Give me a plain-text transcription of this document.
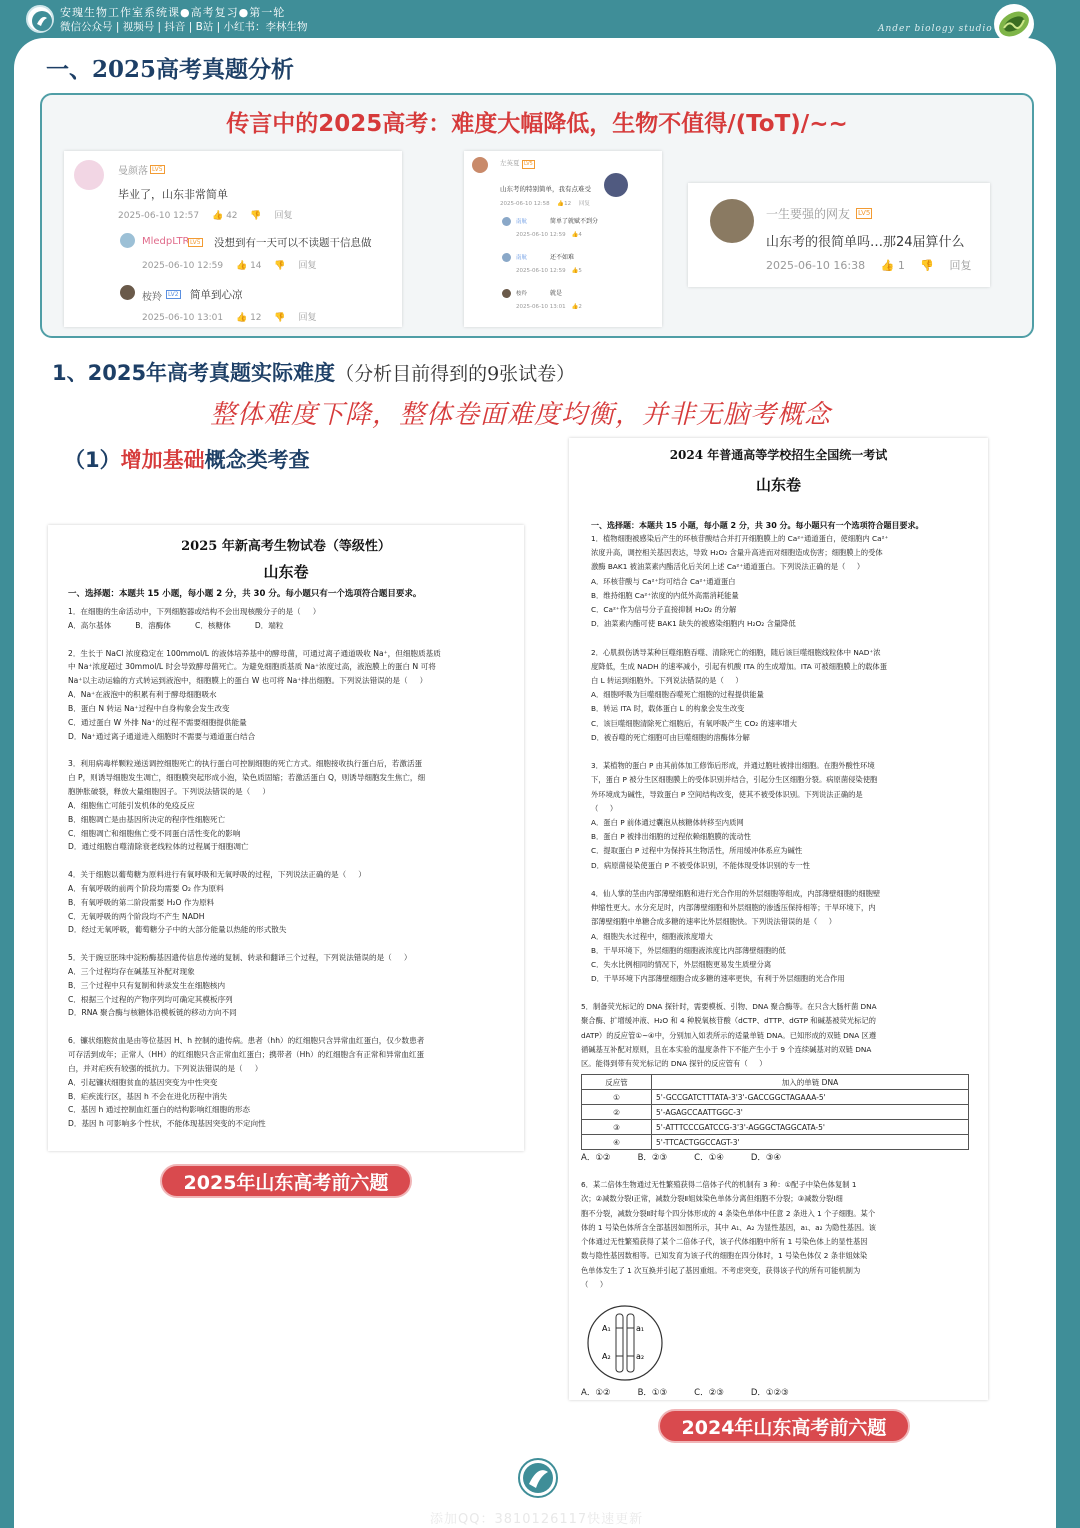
安瑰生物工作室系统课●高考复习●第一轮
微信公众号 | 视频号 | 抖音 | B站 | 小红书：李林生物	Ander biology studio
一、2025高考真题分析
传言中的2025高考：难度大幅降低，生物不值得/(ToT)/~~
曼颜落 LV5
毕业了，山东非常简单
2025-06-10 12:57 👍 42 👎 回复
MledpLTR LV5 没想到有一天可以不读题干信息做
2025-06-10 12:59 👍 14 👎 回复
桉羚	LV2 简单到心凉
2025-06-10 13:01 👍 12 👎 回复
左英夏 LV5
山东考的特别简单，我有点难受
2025-06-10 12:58 👍12 回复
南航	简单了就赋不到分
2025-06-10 12:59 👍4
南航	还不如难
2025-06-10 12:59 👍5
桉羚	就是
2025-06-10 13:01 👍2
一生要强的网友 LV5
山东考的很简单吗…那24届算什么
2025-06-10 16:38 👍 1 👎 回复
1、2025年高考真题实际难度（分析目前得到的9张试卷）
整体难度下降，整体卷面难度均衡，并非无脑考概念
（1）增加基础概念类考查
2025 年新高考生物试卷（等级性）
山东卷
一、选择题：本题共 15 小题，每小题 2 分，共 30 分。每小题只有一个选项符合题目要求。
1．在细胞的生命活动中，下列细胞器或结构不会出现核酸分子的是（     ）
A．高尔基体          B．溶酶体          C．核糖体          D．端粒

2．生长于 NaCl 浓度稳定在 100mmol/L 的液体培养基中的酵母菌，可通过离子通道吸收 Na⁺，但细胞质基质
中 Na⁺浓度超过 30mmol/L 时会导致酵母菌死亡。为避免细胞质基质 Na⁺浓度过高，液泡膜上的蛋白 N 可将
Na⁺以主动运输的方式转运到液泡中，细胞膜上的蛋白 W 也可将 Na⁺排出细胞。下列说法错误的是（     ）
A．Na⁺在液泡中的积累有利于酵母细胞吸水
B．蛋白 N 转运 Na⁺过程中自身构象会发生改变
C．通过蛋白 W 外排 Na⁺的过程不需要细胞提供能量
D．Na⁺通过离子通道进入细胞时不需要与通道蛋白结合

3．利用病毒样颗粒递送调控细胞死亡的执行蛋白可控制细胞的死亡方式。细胞接收执行蛋白后，若激活蛋
白 P，则诱导细胞发生凋亡，细胞膜突起形成小泡，染色质固缩；若激活蛋白 Q，则诱导细胞发生焦亡，细
胞肿胀破裂，释放大量细胞因子。下列说法错误的是（     ）
A．细胞焦亡可能引发机体的免疫反应
B．细胞凋亡是由基因所决定的程序性细胞死亡
C．细胞凋亡和细胞焦亡受不同蛋白活性变化的影响
D．通过细胞自噬清除衰老线粒体的过程属于细胞凋亡

4．关于细胞以葡萄糖为原料进行有氧呼吸和无氧呼吸的过程，下列说法正确的是（     ）
A．有氧呼吸的前两个阶段均需要 O₂ 作为原料
B．有氧呼吸的第二阶段需要 H₂O 作为原料
C．无氧呼吸的两个阶段均不产生 NADH
D．经过无氧呼吸，葡萄糖分子中的大部分能量以热能的形式散失

5．关于豌豆胚珠中淀粉酶基因遗传信息传递的复制、转录和翻译三个过程，下列说法错误的是（     ）
A．三个过程均存在碱基互补配对现象
B．三个过程中只有复制和转录发生在细胞核内
C．根据三个过程的产物序列均可确定其模板序列
D．RNA 聚合酶与核糖体沿模板链的移动方向不同

6．镰状细胞贫血是由等位基因 H、h 控制的遗传病。患者（hh）的红细胞只含异常血红蛋白，仅少数患者
可存活到成年；正常人（HH）的红细胞只含正常血红蛋白；携带者（Hh）的红细胞含有正常和异常血红蛋
白，并对疟疾有较强的抵抗力。下列说法错误的是（     ）
A．引起镰状细胞贫血的基因突变为中性突变
B．疟疾流行区，基因 h 不会在进化历程中消失
C．基因 h 通过控制血红蛋白的结构影响红细胞的形态
D．基因 h 可影响多个性状，不能体现基因突变的不定向性
2025年山东高考前六题
2024 年普通高等学校招生全国统一考试
山东卷
一、选择题：本题共 15 小题，每小题 2 分，共 30 分。每小题只有一个选项符合题目要求。
1．植物细胞被感染后产生的环核苷酸结合并打开细胞膜上的 Ca²⁺通道蛋白，使细胞内 Ca²⁺
浓度升高，调控相关基因表达，导致 H₂O₂ 含量升高进而对细胞造成伤害；细胞膜上的受体
激酶 BAK1 被油菜素内酯活化后关闭上述 Ca²⁺通道蛋白。下列说法正确的是（     ）
A．环核苷酸与 Ca²⁺均可结合 Ca²⁺通道蛋白
B．维持细胞 Ca²⁺浓度的内低外高需消耗能量
C．Ca²⁺作为信号分子直接抑制 H₂O₂ 的分解
D．油菜素内酯可使 BAK1 缺失的被感染细胞内 H₂O₂ 含量降低

2．心肌损伤诱导某种巨噬细胞吞噬、清除死亡的细胞，随后该巨噬细胞线粒体中 NAD⁺浓
度降低，生成 NADH 的速率减小，引起有机酸 ITA 的生成增加。ITA 可被细胞膜上的载体蛋
白 L 转运到细胞外。下列说法错误的是（     ）
A．细胞呼吸为巨噬细胞吞噬死亡细胞的过程提供能量
B．转运 ITA 时，载体蛋白 L 的构象会发生改变
C．该巨噬细胞清除死亡细胞后，有氧呼吸产生 CO₂ 的速率增大
D．被吞噬的死亡细胞可由巨噬细胞的溶酶体分解

3．某植物的蛋白 P 由其前体加工修饰后形成，并通过胞吐被排出细胞。在胞外酸性环境
下，蛋白 P 被分生区细胞膜上的受体识别并结合，引起分生区细胞分裂。病原菌侵染使胞
外环境成为碱性，导致蛋白 P 空间结构改变，使其不被受体识别。下列说法正确的是
（     ）
A．蛋白 P 前体通过囊泡从核糖体转移至内质网
B．蛋白 P 被排出细胞的过程依赖细胞膜的流动性
C．提取蛋白 P 过程中为保持其生物活性，所用缓冲体系应为碱性
D．病原菌侵染使蛋白 P 不被受体识别，不能体现受体识别的专一性

4．仙人掌的茎由内部薄壁细胞和进行光合作用的外层细胞等组成，内部薄壁细胞的细胞壁
伸缩性更大。水分充足时，内部薄壁细胞和外层细胞的渗透压保持相等；干旱环境下，内
部薄壁细胞中单糖合成多糖的速率比外层细胞快。下列说法错误的是（     ）
A．细胞失水过程中，细胞液浓度增大
B．干旱环境下，外层细胞的细胞液浓度比内部薄壁细胞的低
C．失水比例相同的情况下，外层细胞更易发生质壁分离
D．干旱环境下内部薄壁细胞合成多糖的速率更快，有利于外层细胞的光合作用
5．制备荧光标记的 DNA 探针时，需要模板、引物、DNA 聚合酶等。在只含大肠杆菌 DNA
聚合酶、扩增缓冲液、H₂O 和 4 种脱氧核苷酸（dCTP、dTTP、dGTP 和碱基被荧光标记的
dATP）的反应管①~④中，分别加入如表所示的适量单链 DNA。已知形成的双链 DNA 区遵
循碱基互补配对原则，且在本实验的温度条件下不能产生小于 9 个连续碱基对的双链 DNA
区。能得到带有荧光标记的 DNA 探针的反应管有（     ）
反应管	加入的单链 DNA
①	5'-GCCGATCTTTATA-3'3'-GACCGGCTAGAAA-5'
②	5'-AGAGCCAATTGGC-3'
③	5'-ATTTCCCGATCCG-3'3'-AGGGCTAGGCATA-5'
④	5'-TTCACTGGCCAGT-3'
A．①②          B．②③          C．①④          D．③④
6．某二倍体生物通过无性繁殖获得二倍体子代的机制有 3 种：①配子中染色体复制 1
次；②减数分裂Ⅰ正常，减数分裂Ⅱ姐妹染色单体分离但细胞不分裂；③减数分裂Ⅰ细
胞不分裂，减数分裂Ⅱ时每个四分体形成的 4 条染色单体中任意 2 条进入 1 个子细胞。某个
体的 1 号染色体所含全部基因如图所示，其中 A₁、A₂ 为显性基因，a₁、a₂ 为隐性基因。该
个体通过无性繁殖获得了某个二倍体子代，该子代体细胞中所有 1 号染色体上的显性基因
数与隐性基因数相等。已知发育为该子代的细胞在四分体时，1 号染色体仅 2 条非姐妹染
色单体发生了 1 次互换并引起了基因重组。不考虑突变，获得该子代的所有可能机制为
（     ）
A₁	a₁
A₂	a₂
A．①②          B．①③          C．②③          D．①②③
2024年山东高考前六题
添加QQ：3810126117快速更新
